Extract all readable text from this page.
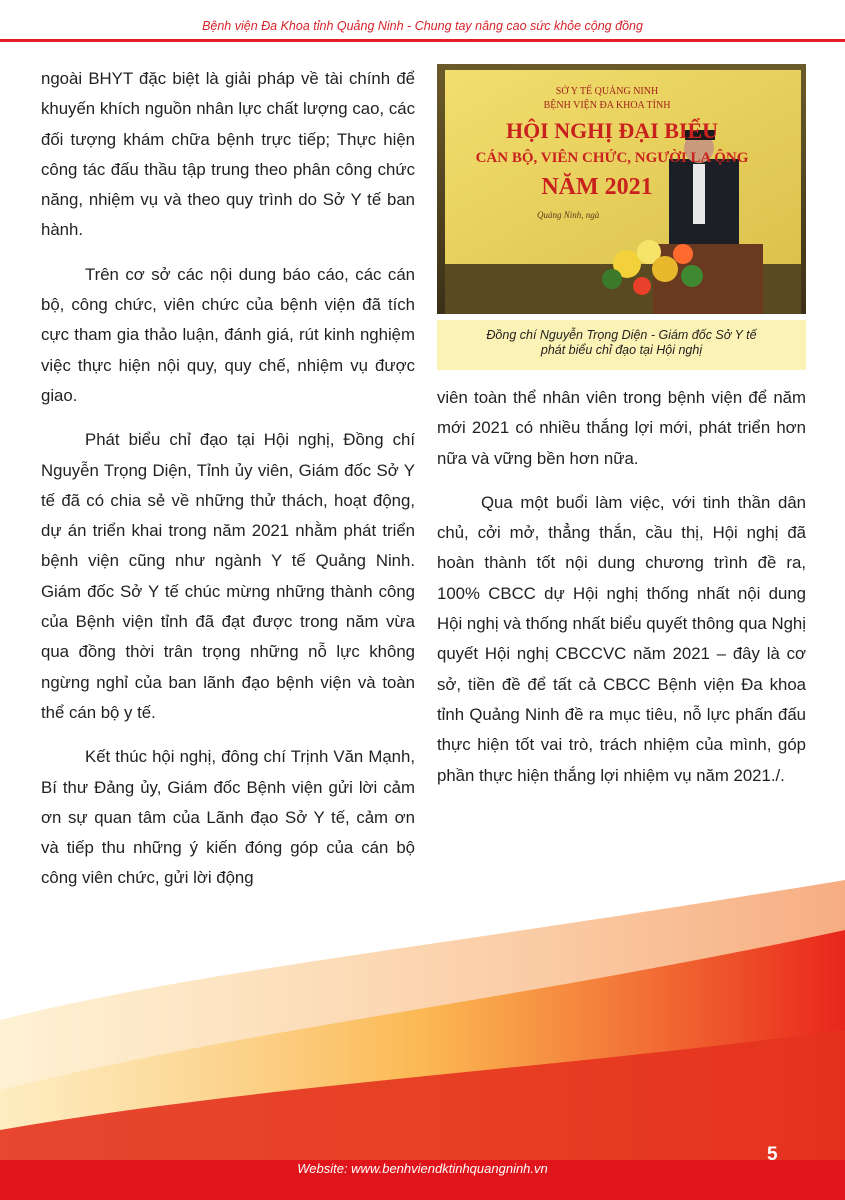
Bệnh viện Đa Khoa tỉnh Quảng Ninh - Chung tay nâng cao sức khỏe cộng đồng

ngoài BHYT đặc biệt là giải pháp về tài chính để khuyến khích nguồn nhân lực chất lượng cao, các đối tượng khám chữa bệnh trực tiếp; Thực hiện công tác đấu thầu tập trung theo phân công chức năng, nhiệm vụ và theo quy trình do Sở Y tế ban hành.

Trên cơ sở các nội dung báo cáo, các cán bộ, công chức, viên chức của bệnh viện đã tích cực tham gia thảo luận, đánh giá, rút kinh nghiệm việc thực hiện nội quy, quy chế, nhiệm vụ được giao.

Phát biểu chỉ đạo tại Hội nghị, Đồng chí Nguyễn Trọng Diện, Tỉnh ủy viên, Giám đốc Sở Y tế đã có chia sẻ về những thử thách, hoạt động, dự án triển khai trong năm 2021 nhằm phát triển bệnh viện cũng như ngành Y tế Quảng Ninh. Giám đốc Sở Y tế chúc mừng những thành công của Bệnh viện tỉnh đã đạt được trong năm vừa qua đồng thời trân trọng những nỗ lực không ngừng nghỉ của ban lãnh đạo bệnh viện và toàn thể cán bộ y tế.

Kết thúc hội nghị, đông chí Trịnh Văn Mạnh, Bí thư Đảng ủy, Giám đốc Bệnh viện gửi lời cảm ơn sự quan tâm của Lãnh đạo Sở Y tế, cảm ơn và tiếp thu những ý kiến đóng góp của cán bộ công viên chức, gửi lời động

SỞ Y TẾ QUẢNG NINH
BỆNH VIỆN ĐA KHOA TỈNH
HỘI NGHỊ ĐẠI BIỂU
CÁN BỘ, VIÊN CHỨC, NGƯỜI LA ỘNG
NĂM 2021
Quảng Ninh, ngà
Đồng chí Nguyễn Trọng Diện - Giám đốc Sở Y tế
phát biểu chỉ đạo tại Hội nghị

viên toàn thể nhân viên trong bệnh viện để năm mới 2021 có nhiều thắng lợi mới, phát triển hơn nữa và vững bền hơn nữa.

Qua một buổi làm việc, với tinh thần dân chủ, cởi mở, thẳng thắn, cầu thị, Hội nghị đã hoàn thành tốt nội dung chương trình đề ra, 100% CBCC dự Hội nghị thống nhất nội dung Hội nghị và thống nhất biểu quyết thông qua Nghị quyết Hội nghị CBCCVC năm 2021 – đây là cơ sở, tiền đề để tất cả CBCC Bệnh viện Đa khoa tỉnh Quảng Ninh đề ra mục tiêu, nỗ lực phấn đấu thực hiện tốt vai trò, trách nhiệm của mình, góp phần thực hiện thắng lợi nhiệm vụ năm 2021./.

Website: www.benhviendktinhquangninh.vn
5
